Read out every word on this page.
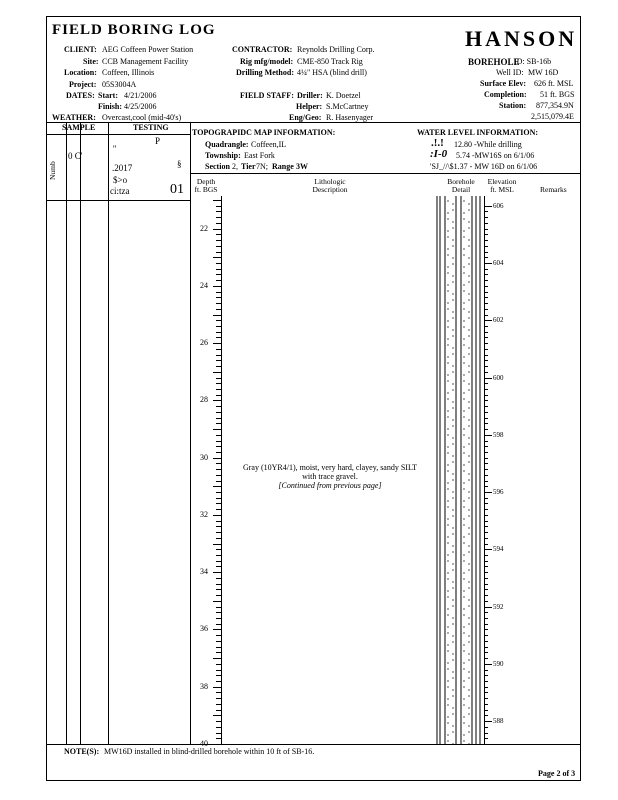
FIELD BORING LOG	HANSON
CLIENT: AEG Coffeen Power Station
Site: CCB Management Facility
Location: Coffeen, Illinois
Project: 05S3004A
DATES: Start: 4/21/2006
Finish: 4/25/2006
WEATHER: Overcast,cool (mid-40's)
CONTRACTOR: Reynolds Drilling Corp.
Rig mfg/model: CME-850 Track Rig
Drilling Method: 4¼" HSA (blind drill)
FIELD STAFF: Driller: K. Doetzel
Helper: S.McCartney
Eng/Geo: R. Hasenyager
BOREHOLE
ID: SB-16b
Well ID: MW 16D
Surface Elev: 626 ft. MSL
Completion: 51 ft. BGS
Station: 877,354.9N
2,515,079.4E
SAMPLE	TESTING
Numb
0 C'
''
.2017
$>o
ci:tza
P
01
§
TOPOGRAPIDC MAP INFORMATION:
Quadrangle: Coffeen,IL
Township: East Fork
Section 2, Tier 7N; Range 3W
WATER LEVEL INFORMATION:
.!.! 12.80 -While drilling
:I-0 5.74 -MW16S on 6/1/06
'SJ_//\$1.37 - MW 16D on 6/1/06
Depth
ft. BGS
Lithologic
Description
Borehole
Detail
Elevation
ft. MSL	Remarks
22
24
26
28
30
32
34
36
38
40
606
604
602
600
598
596
594
592
590
588
Gray (10YR4/1), moist, very hard, clayey, sandy SILT
with trace gravel.
[Continued from previous page]
NOTE(S): MW16D installed in blind-drilled borehole within 10 ft of SB-16.
Page 2 of 3
